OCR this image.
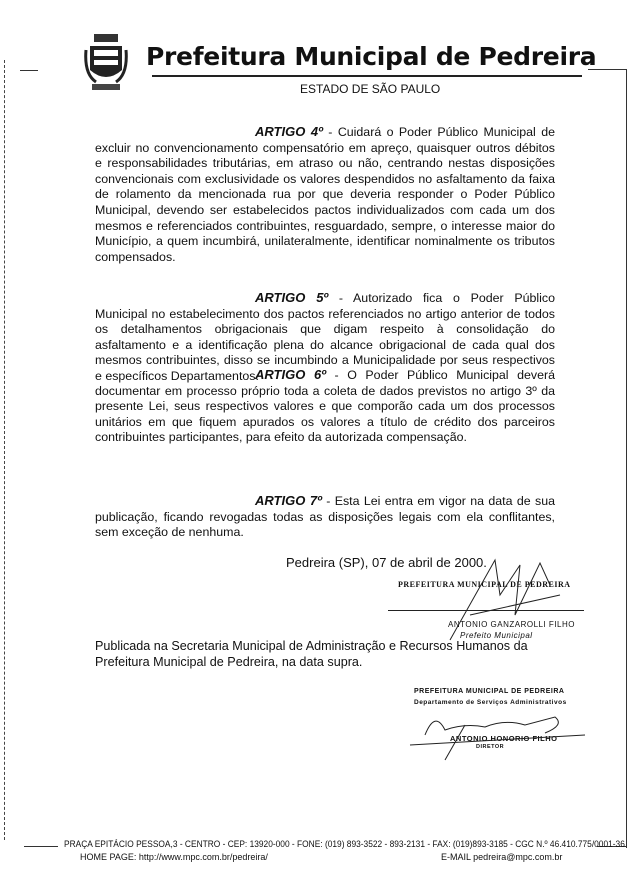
Prefeitura Municipal de Pedreira
ESTADO DE SÃO PAULO
ARTIGO 4º - Cuidará o Poder Público Municipal de excluir no convencionamento compensatório em apreço, quaisquer outros débitos e responsabilidades tributárias, em atraso ou não, centrando nestas disposições convencionais com exclusividade os valores despendidos no asfaltamento da faixa de rolamento da mencionada rua por que deveria responder o Poder Público Municipal, devendo ser estabelecidos pactos individualizados com cada um dos mesmos e referenciados contribuintes, resguardado, sempre, o interesse maior do Município, a quem incumbirá, unilateralmente, identificar nominalmente os tributos compensados.
ARTIGO 5º - Autorizado fica o Poder Público Municipal no estabelecimento dos pactos referenciados no artigo anterior de todos os detalhamentos obrigacionais que digam respeito à consolidação do asfaltamento e a identificação plena do alcance obrigacional de cada qual dos mesmos contribuintes, disso se incumbindo a Municipalidade por seus respectivos e específicos Departamentos.
ARTIGO 6º - O Poder Público Municipal deverá documentar em processo próprio toda a coleta de dados previstos no artigo 3º da presente Lei, seus respectivos valores e que comporão cada um dos processos unitários em que fiquem apurados os valores a título de crédito dos parceiros contribuintes participantes, para efeito da autorizada compensação.
ARTIGO 7º - Esta Lei entra em vigor na data de sua publicação, ficando revogadas todas as disposições legais com ela conflitantes, sem exceção de nenhuma.
Pedreira (SP), 07 de abril de 2000.
PREFEITURA MUNICIPAL DE PEDREIRA
ANTONIO GANZAROLLI FILHO
Prefeito Municipal
Publicada na Secretaria Municipal de Administração e Recursos Humanos da Prefeitura Municipal de Pedreira, na data supra.
PREFEITURA MUNICIPAL DE PEDREIRA
Departamento de Serviços Administrativos
ANTONIO HONORIO FILHO
DIRETOR
PRAÇA EPITÁCIO PESSOA,3 - CENTRO - CEP: 13920-000 - FONE: (019) 893-3522 - 893-2131 - FAX: (019)893-3185 - CGC N.º 46.410.775/0001-36
HOME PAGE: http://www.mpc.com.br/pedreira/	E-MAIL pedreira@mpc.com.br
